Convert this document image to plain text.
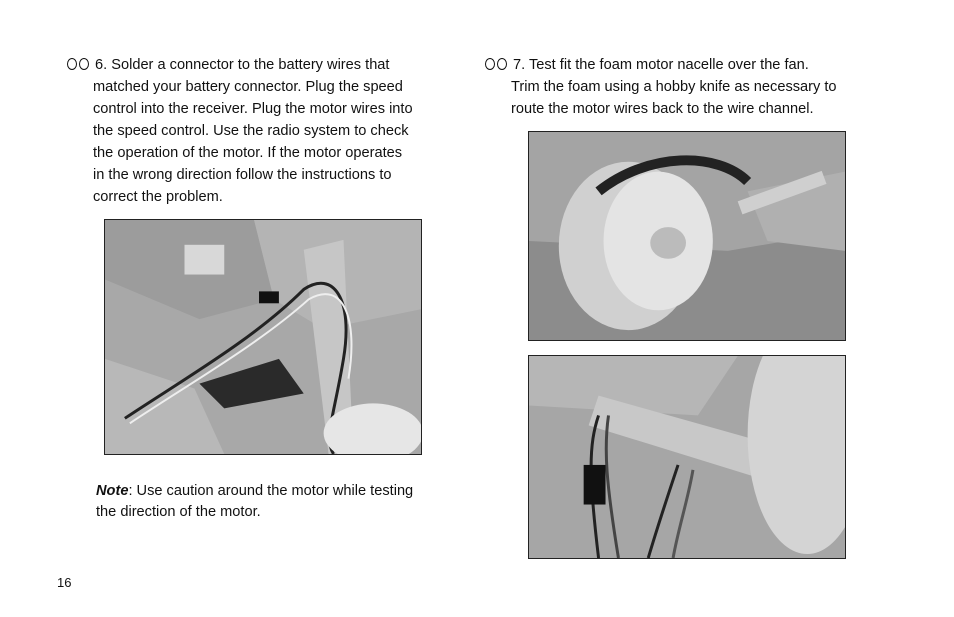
6. Solder a connector to the battery wires that
matched your battery connector. Plug the speed
control into the receiver. Plug the motor wires into
the speed control. Use the radio system to check
the operation of the motor. If the motor operates
in the wrong direction follow the instructions to
correct the problem.
Note: Use caution around the motor while testing the direction of the motor.
7. Test fit the foam motor nacelle over the fan.
Trim the foam using a hobby knife as necessary to
route the motor wires back to the wire channel.
16
